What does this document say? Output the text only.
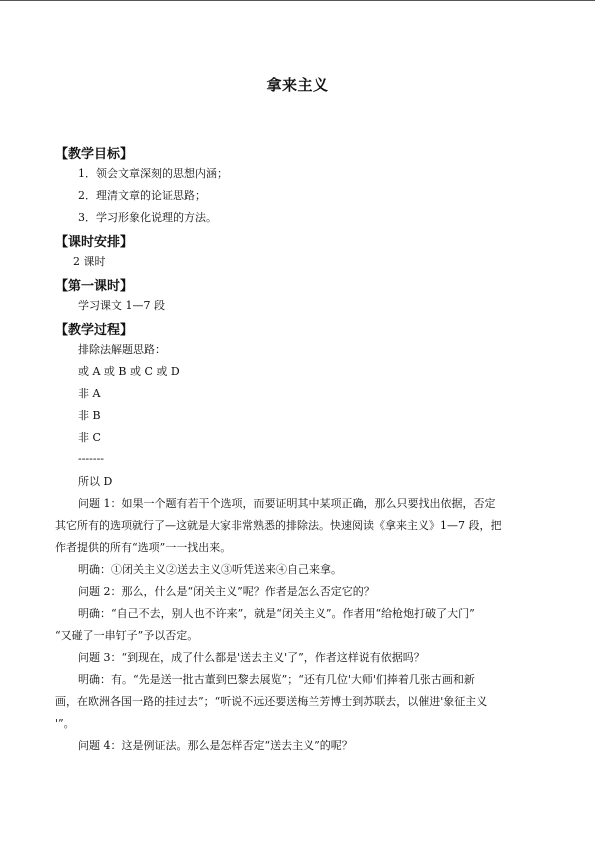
拿来主义
【教学目标】
1．领会文章深刻的思想内涵；
2．理清文章的论证思路；
3．学习形象化说理的方法。
【课时安排】
2 课时
【第一课时】
学习课文 1—7 段
【教学过程】
排除法解题思路：
或 A 或 B 或 C 或 D
非 A
非 B
非 C
-------
所以 D
问题 1：如果一个题有若干个选项，而要证明其中某项正确，那么只要找出依据，否定
其它所有的选项就行了—这就是大家非常熟悉的排除法。快速阅读《拿来主义》1—7 段，把
作者提供的所有“选项”一一找出来。
明确：①闭关主义②送去主义③听凭送来④自己来拿。
问题 2：那么，什么是“闭关主义”呢？作者是怎么否定它的？
明确：“自己不去，别人也不许来”，就是“闭关主义”。作者用“给枪炮打破了大门”
“又碰了一串钉子”予以否定。
问题 3：“到现在，成了什么都是'送去主义'了”，作者这样说有依据吗？
明确：有。“先是送一批古董到巴黎去展览”；“还有几位'大师'们捧着几张古画和新
画，在欧洲各国一路的挂过去”；“听说不远还要送梅兰芳博士到苏联去，以催进'象征主义
'”。
问题 4：这是例证法。那么是怎样否定“送去主义”的呢？
